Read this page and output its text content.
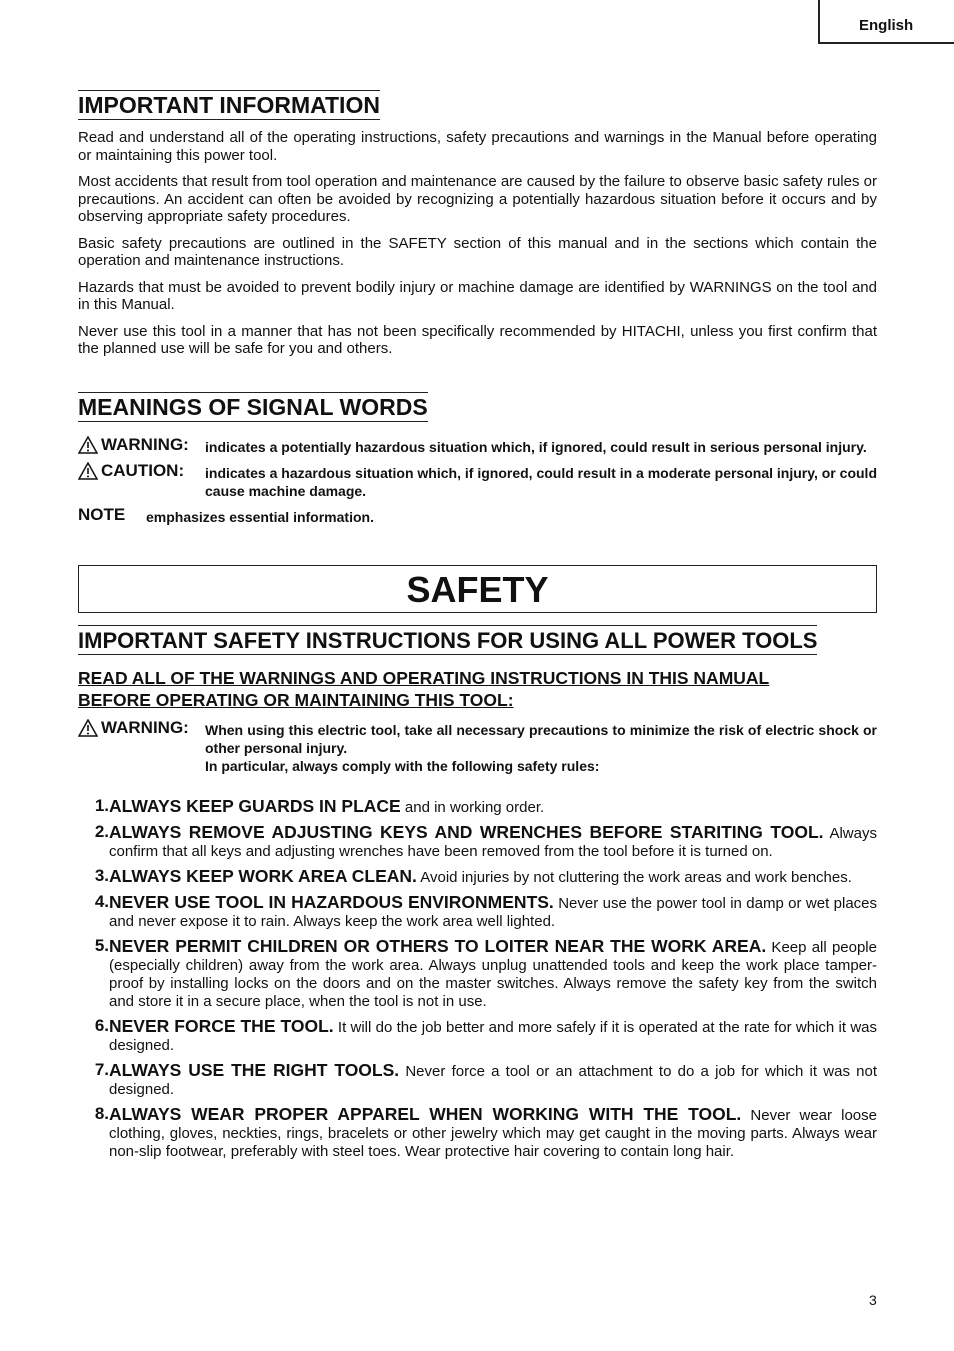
English
IMPORTANT INFORMATION

Read and understand all of the operating instructions, safety precautions and warnings in the Manual before operating or maintaining this power tool.

Most accidents that result from tool operation and maintenance are caused by the failure to observe basic safety rules or precautions. An accident can often be avoided by recognizing a potentially hazardous situation before it occurs and by observing appropriate safety procedures.

Basic safety precautions are outlined in the SAFETY section of this manual and in the sections which contain the operation and maintenance instructions.

Hazards that must be avoided to prevent bodily injury or machine damage are identified by WARNINGS on the tool and in this Manual.

Never use this tool in a manner that has not been specifically recommended by HITACHI, unless you first confirm that the planned use will be safe for you and others.

MEANINGS OF SIGNAL WORDS
WARNING: indicates a potentially hazardous situation which, if ignored, could result in serious personal injury.
CAUTION: indicates a hazardous situation which, if ignored, could result in a moderate personal injury, or could cause machine damage.
NOTE emphasizes essential information.
SAFETY
IMPORTANT SAFETY INSTRUCTIONS FOR USING ALL POWER TOOLS
READ ALL OF THE WARNINGS AND OPERATING INSTRUCTIONS IN THIS NAMUAL
BEFORE OPERATING OR MAINTAINING THIS TOOL:
WARNING: When using this electric tool, take all necessary precautions to minimize the risk of electric shock or other personal injury.
In particular, always comply with the following safety rules:
1. ALWAYS KEEP GUARDS IN PLACE and in working order.
2. ALWAYS REMOVE ADJUSTING KEYS AND WRENCHES BEFORE STARITING TOOL. Always confirm that all keys and adjusting wrenches have been removed from the tool before it is turned on.
3. ALWAYS KEEP WORK AREA CLEAN. Avoid injuries by not cluttering the work areas and work benches.
4. NEVER USE TOOL IN HAZARDOUS ENVIRONMENTS. Never use the power tool in damp or wet places and never expose it to rain. Always keep the work area well lighted.
5. NEVER PERMIT CHILDREN OR OTHERS TO LOITER NEAR THE WORK AREA. Keep all people (especially children) away from the work area. Always unplug unattended tools and keep the work place tamper-proof by installing locks on the doors and on the master switches. Always remove the safety key from the switch and store it in a secure place, when the tool is not in use.
6. NEVER FORCE THE TOOL. It will do the job better and more safely if it is operated at the rate for which it was designed.
7. ALWAYS USE THE RIGHT TOOLS. Never force a tool or an attachment to do a job for which it was not designed.
8. ALWAYS WEAR PROPER APPAREL WHEN WORKING WITH THE TOOL. Never wear loose clothing, gloves, neckties, rings, bracelets or other jewelry which may get caught in the moving parts. Always wear non-slip footwear, preferably with steel toes. Wear protective hair covering to contain long hair.
3
